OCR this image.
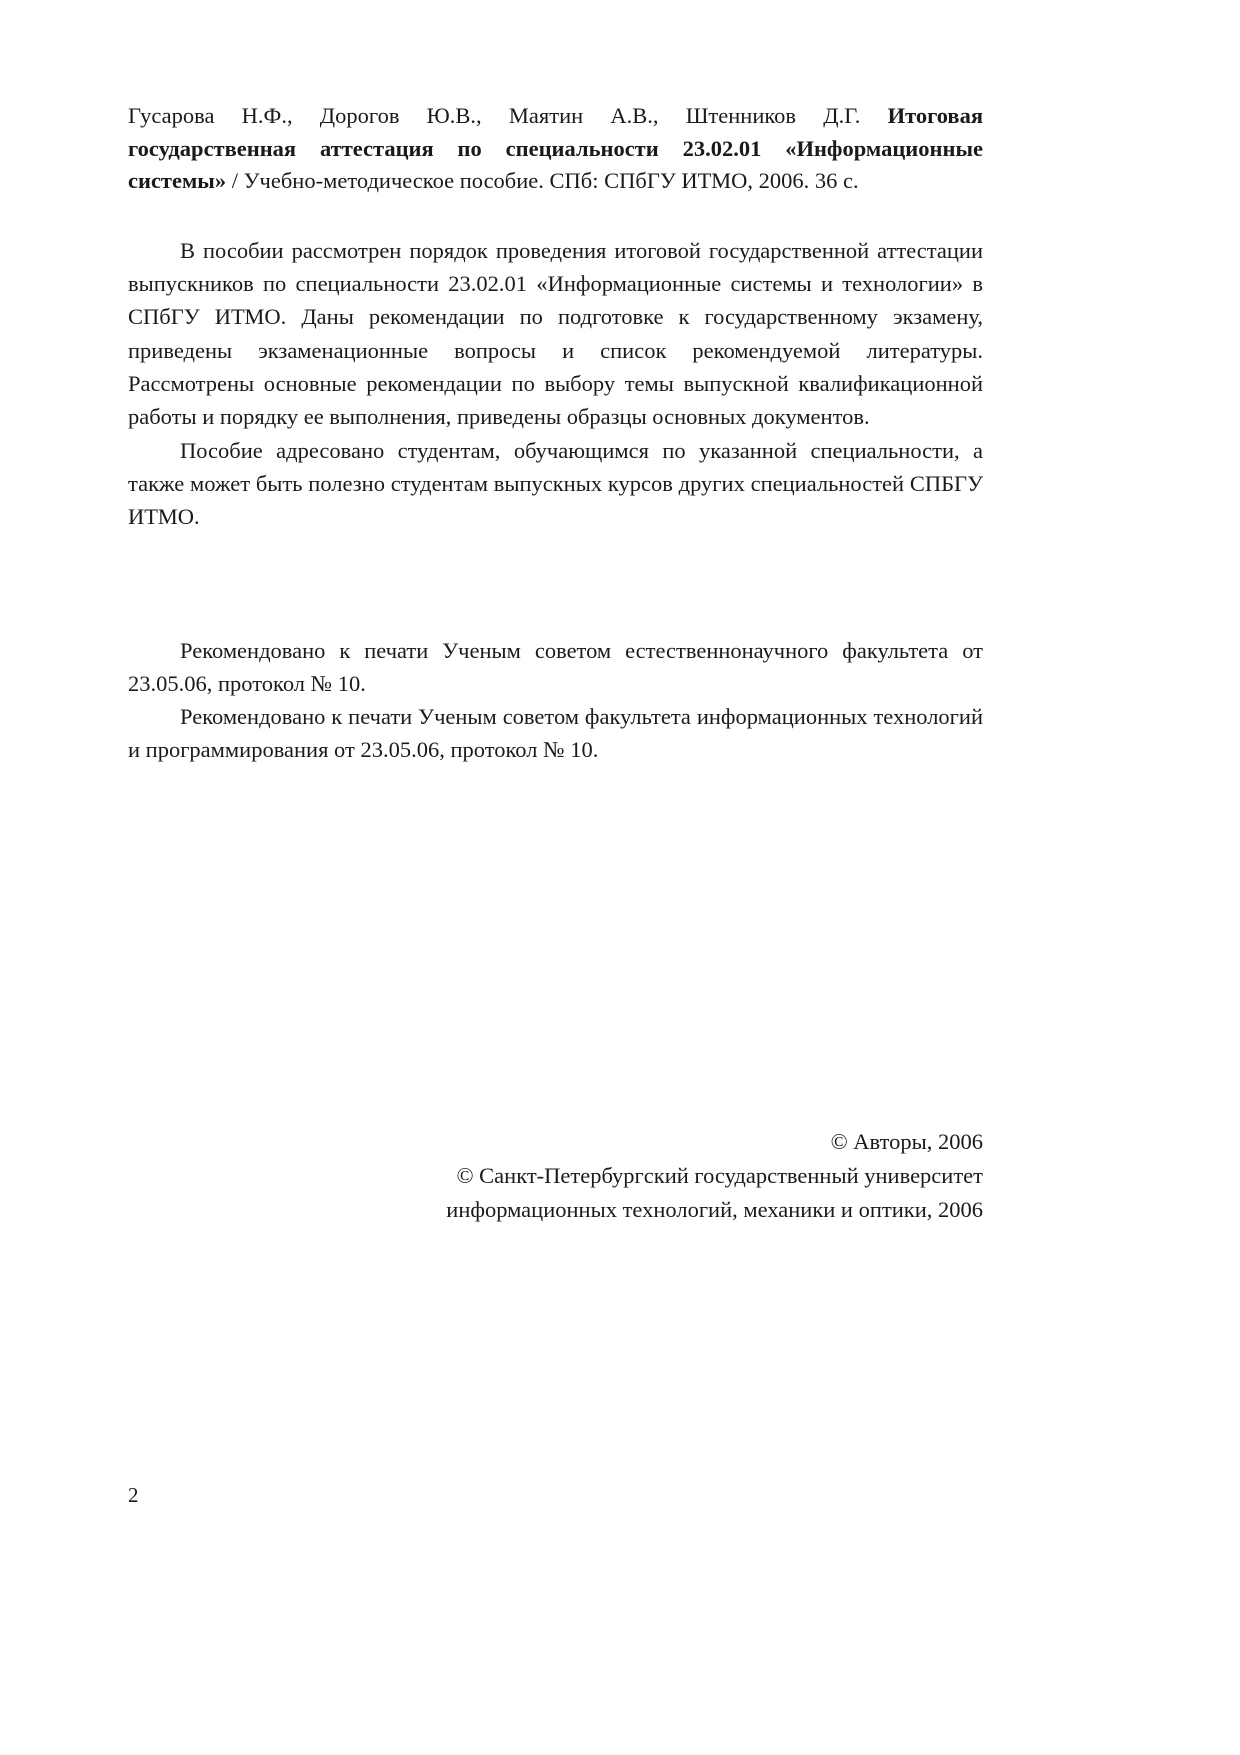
Гусарова Н.Ф., Дорогов Ю.В., Маятин А.В., Штенников Д.Г. Итоговая государственная аттестация по специальности 23.02.01 «Информационные системы» / Учебно-методическое пособие. СПб: СПбГУ ИТМО, 2006. 36 с.

В пособии рассмотрен порядок проведения итоговой государственной аттестации выпускников по специальности 23.02.01 «Информационные системы и технологии» в СПбГУ ИТМО. Даны рекомендации по подготовке к государственному экзамену, приведены экзаменационные вопросы и список рекомендуемой литературы. Рассмотрены основные рекомендации по выбору темы выпускной квалификационной работы и порядку ее выполнения, приведены образцы основных документов.

Пособие адресовано студентам, обучающимся по указанной специальности, а также может быть полезно студентам выпускных курсов других специальностей СПБГУ ИТМО.

Рекомендовано к печати Ученым советом естественнонаучного факультета от 23.05.06, протокол № 10.

Рекомендовано к печати Ученым советом факультета информационных технологий и программирования от 23.05.06, протокол № 10.

© Авторы, 2006
© Санкт-Петербургский государственный университет
информационных технологий, механики и оптики, 2006
2
